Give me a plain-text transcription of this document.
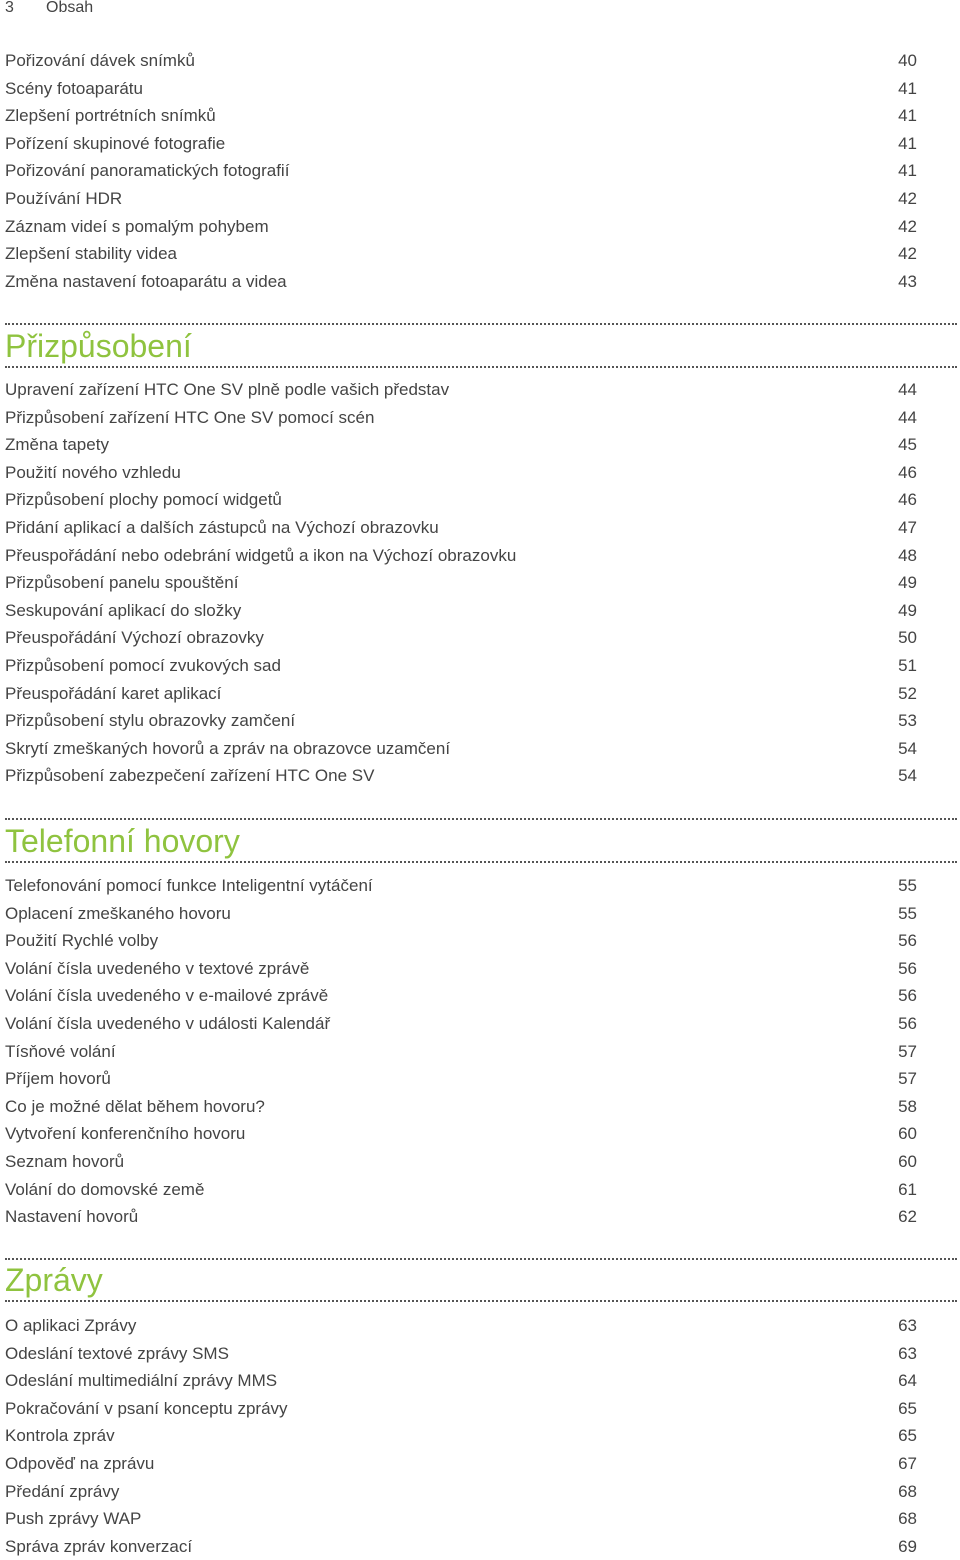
3 Obsah
Pořizování dávek snímků	40
Scény fotoaparátu	41
Zlepšení portrétních snímků	41
Pořízení skupinové fotografie	41
Pořizování panoramatických fotografií	41
Používání HDR	42
Záznam videí s pomalým pohybem	42
Zlepšení stability videa	42
Změna nastavení fotoaparátu a videa	43
Přizpůsobení
Upravení zařízení HTC One SV plně podle vašich představ	44
Přizpůsobení zařízení HTC One SV pomocí scén	44
Změna tapety	45
Použití nového vzhledu	46
Přizpůsobení plochy pomocí widgetů	46
Přidání aplikací a dalších zástupců na Výchozí obrazovku	47
Přeuspořádání nebo odebrání widgetů a ikon na Výchozí obrazovku	48
Přizpůsobení panelu spouštění	49
Seskupování aplikací do složky	49
Přeuspořádání Výchozí obrazovky	50
Přizpůsobení pomocí zvukových sad	51
Přeuspořádání karet aplikací	52
Přizpůsobení stylu obrazovky zamčení	53
Skrytí zmeškaných hovorů a zpráv na obrazovce uzamčení	54
Přizpůsobení zabezpečení zařízení HTC One SV	54
Telefonní hovory
Telefonování pomocí funkce Inteligentní vytáčení	55
Oplacení zmeškaného hovoru	55
Použití Rychlé volby	56
Volání čísla uvedeného v textové zprávě	56
Volání čísla uvedeného v e-mailové zprávě	56
Volání čísla uvedeného v události Kalendář	56
Tísňové volání	57
Příjem hovorů	57
Co je možné dělat během hovoru?	58
Vytvoření konferenčního hovoru	60
Seznam hovorů	60
Volání do domovské země	61
Nastavení hovorů	62
Zprávy
O aplikaci Zprávy	63
Odeslání textové zprávy SMS	63
Odeslání multimediální zprávy MMS	64
Pokračování v psaní konceptu zprávy	65
Kontrola zpráv	65
Odpověď na zprávu	67
Předání zprávy	68
Push zprávy WAP	68
Správa zpráv konverzací	69
